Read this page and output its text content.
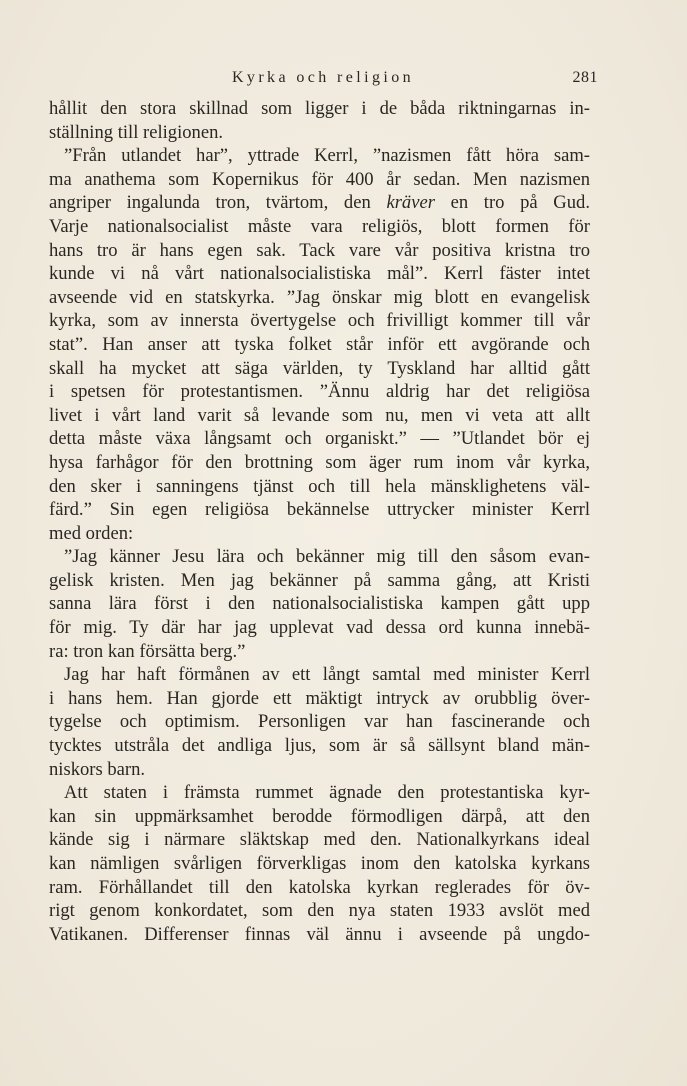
Kyrka och religion	281
hållit den stora skillnad som ligger i de båda riktningarnas in-
ställning till religionen.
”Från utlandet har”, yttrade Kerrl, ”nazismen fått höra sam-
ma anathema som Kopernikus för 400 år sedan. Men nazismen
angriper ingalunda tron, tvärtom, den kräver en tro på Gud.
Varje nationalsocialist måste vara religiös, blott formen för
hans tro är hans egen sak. Tack vare vår positiva kristna tro
kunde vi nå vårt nationalsocialistiska mål”. Kerrl fäster intet
avseende vid en statskyrka. ”Jag önskar mig blott en evangelisk
kyrka, som av innersta övertygelse och frivilligt kommer till vår
stat”. Han anser att tyska folket står inför ett avgörande och
skall ha mycket att säga världen, ty Tyskland har alltid gått
i spetsen för protestantismen. ”Ännu aldrig har det religiösa
livet i vårt land varit så levande som nu, men vi veta att allt
detta måste växa långsamt och organiskt.” — ”Utlandet bör ej
hysa farhågor för den brottning som äger rum inom vår kyrka,
den sker i sanningens tjänst och till hela mänsklighetens väl-
färd.” Sin egen religiösa bekännelse uttrycker minister Kerrl
med orden:
”Jag känner Jesu lära och bekänner mig till den såsom evan-
gelisk kristen. Men jag bekänner på samma gång, att Kristi
sanna lära först i den nationalsocialistiska kampen gått upp
för mig. Ty där har jag upplevat vad dessa ord kunna innebä-
ra: tron kan försätta berg.”
Jag har haft förmånen av ett långt samtal med minister Kerrl
i hans hem. Han gjorde ett mäktigt intryck av orubblig över-
tygelse och optimism. Personligen var han fascinerande och
tycktes utstråla det andliga ljus, som är så sällsynt bland män-
niskors barn.
Att staten i främsta rummet ägnade den protestantiska kyr-
kan sin uppmärksamhet berodde förmodligen därpå, att den
kände sig i närmare släktskap med den. Nationalkyrkans ideal
kan nämligen svårligen förverkligas inom den katolska kyrkans
ram. Förhållandet till den katolska kyrkan reglerades för öv-
rigt genom konkordatet, som den nya staten 1933 avslöt med
Vatikanen. Differenser finnas väl ännu i avseende på ungdo-
